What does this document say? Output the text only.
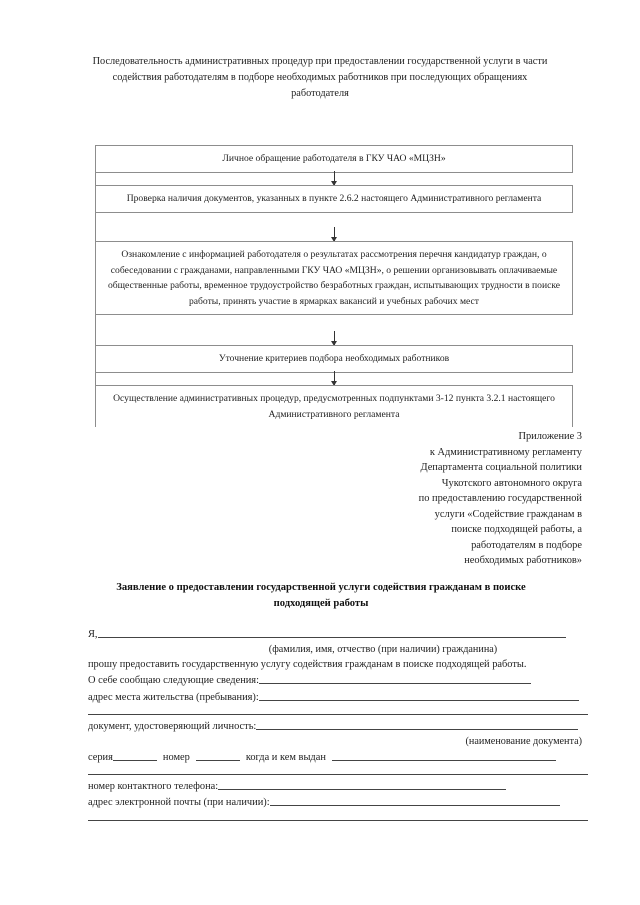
Последовательность административных процедур при предоставлении государственной услуги в части содействия работодателям в подборе необходимых работников при последующих обращениях работодателя
Личное обращение работодателя в ГКУ ЧАО «МЦЗН»
Проверка наличия документов, указанных в пункте 2.6.2 настоящего Административного регламента
Ознакомление с информацией работодателя о результатах рассмотрения перечня кандидатур граждан, о собеседовании с гражданами, направленными ГКУ ЧАО «МЦЗН», о решении организовывать оплачиваемые общественные работы, временное трудоустройство безработных граждан, испытывающих трудности в поиске работы, принять участие в ярмарках вакансий и учебных рабочих мест
Уточнение критериев подбора необходимых работников
Осуществление административных процедур, предусмотренных подпунктами 3-12 пункта 3.2.1 настоящего Административного регламента
Приложение 3
к Административному регламенту
Департамента социальной политики
Чукотского автономного округа
по предоставлению государственной
услуги «Содействие гражданам в
поиске подходящей работы, а
работодателям в подборе
необходимых работников»
Заявление о предоставлении государственной услуги содействия гражданам в поиске подходящей работы
Я,
(фамилия, имя, отчество (при наличии) гражданина)
прошу предоставить государственную услугу содействия гражданам в поиске подходящей работы.
О себе сообщаю следующие сведения:
адрес места жительства (пребывания):
документ, удостоверяющий личность:
(наименование документа)
серия	номер	когда и кем выдан
номер контактного телефона:
адрес электронной почты (при наличии):
